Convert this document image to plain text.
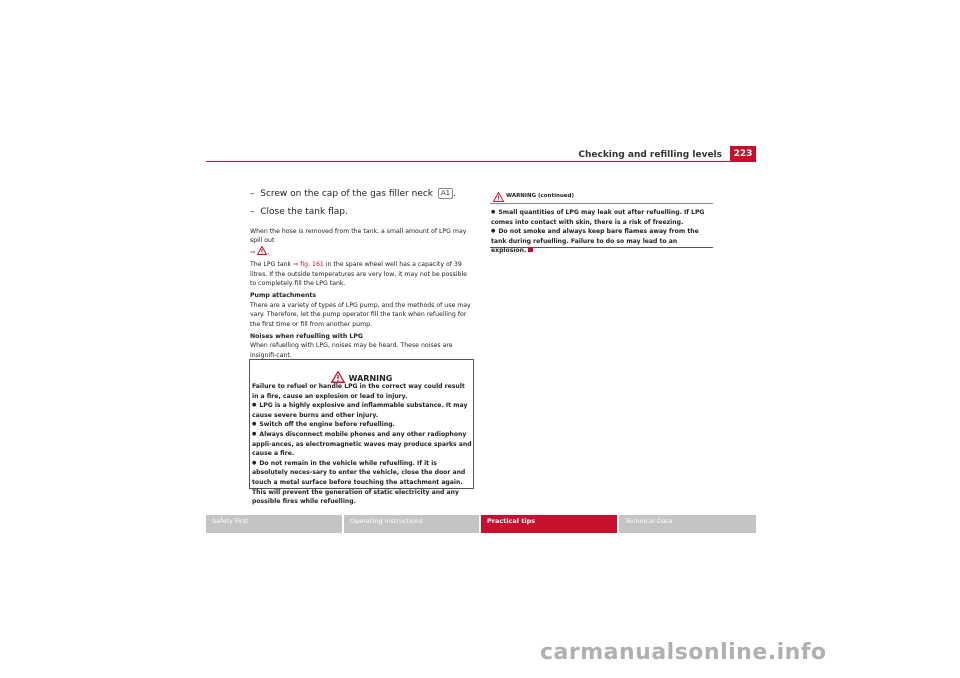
Checking and refilling levels	223
– Screw on the cap of the gas filler neck A1 .
– Close the tank flap.
When the hose is removed from the tank, a small amount of LPG may spill out
⇒ .
The LPG tank ⇒ fig. 161 in the spare wheel well has a capacity of 39 litres. If the outside temperatures are very low, it may not be possible to completely fill the LPG tank.
Pump attachments
There are a variety of types of LPG pump, and the methods of use may vary. Therefore, let the pump operator fill the tank when refuelling for the first time or fill from another pump.
Noises when refuelling with LPG
When refuelling with LPG, noises may be heard. These noises are insignifi-cant.
WARNING
Failure to refuel or handle LPG in the correct way could result in a fire, cause an explosion or lead to injury.
● LPG is a highly explosive and inflammable substance. It may cause severe burns and other injury.
● Switch off the engine before refuelling.
● Always disconnect mobile phones and any other radiophony appli-ances, as electromagnetic waves may produce sparks and cause a fire.
● Do not remain in the vehicle while refuelling. If it is absolutely neces-sary to enter the vehicle, close the door and touch a metal surface before touching the attachment again. This will prevent the generation of static electricity and any possible fires while refuelling.
WARNING (continued)
● Small quantities of LPG may leak out after refuelling. If LPG comes into contact with skin, there is a risk of freezing.
● Do not smoke and always keep bare flames away from the tank during refuelling. Failure to do so may lead to an explosion.
Safety First	Operating instructions	Practical tips	Technical Data
carmanualsonline.info
